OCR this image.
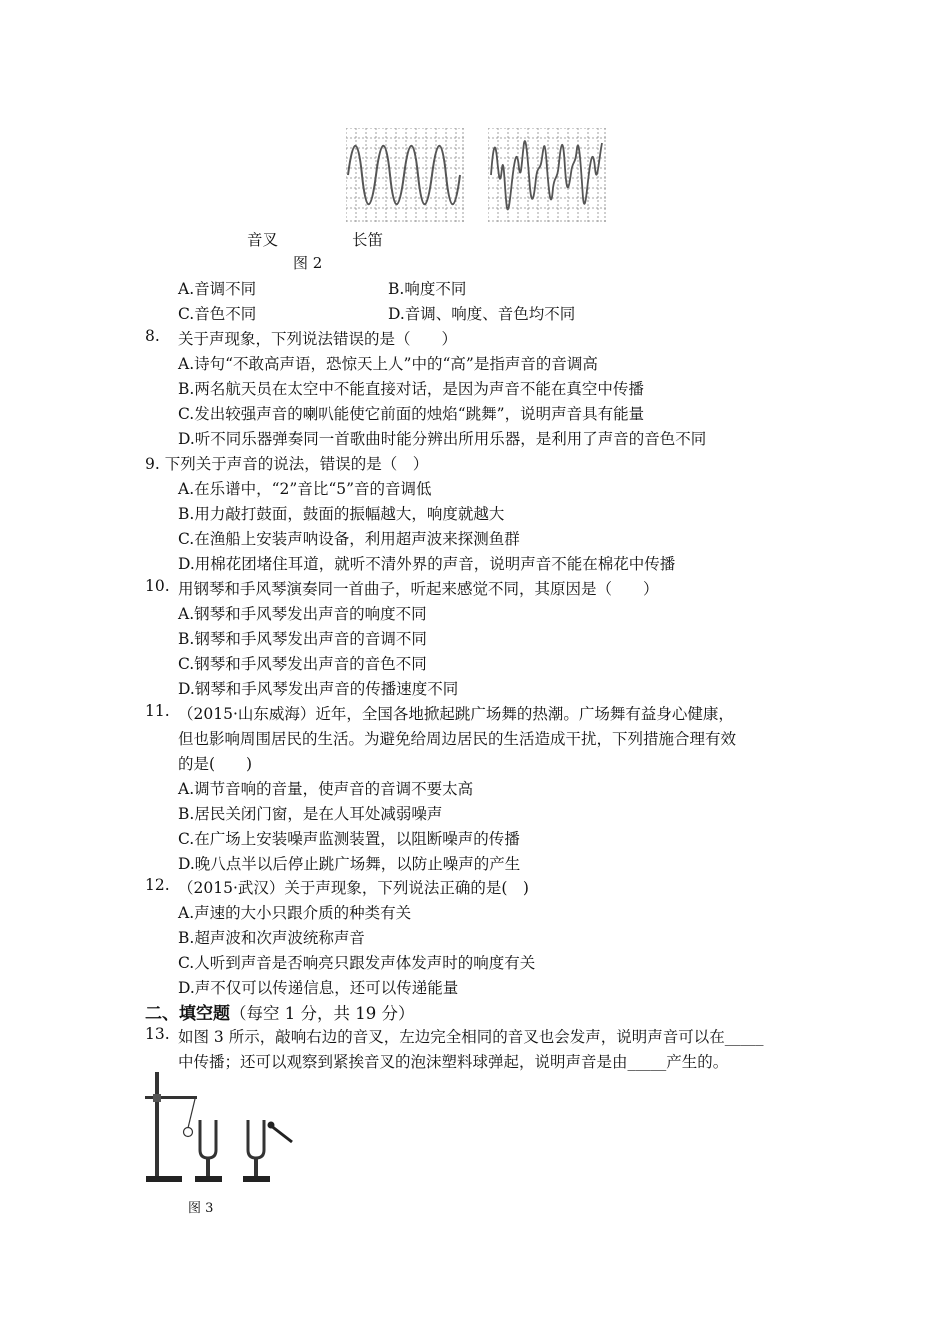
音叉	长笛
图 2
A.音调不同	B.响度不同
C.音色不同	D.音调、响度、音色均不同
8. 关于声现象，下列说法错误的是（　　）
A.诗句“不敢高声语，恐惊天上人”中的“高”是指声音的音调高
B.两名航天员在太空中不能直接对话，是因为声音不能在真空中传播
C.发出较强声音的喇叭能使它前面的烛焰“跳舞”，说明声音具有能量
D.听不同乐器弹奏同一首歌曲时能分辨出所用乐器，是利用了声音的音色不同
9. 下列关于声音的说法，错误的是（　）
A.在乐谱中，“2”音比“5”音的音调低
B.用力敲打鼓面，鼓面的振幅越大，响度就越大
C.在渔船上安装声呐设备，利用超声波来探测鱼群
D.用棉花团堵住耳道，就听不清外界的声音，说明声音不能在棉花中传播
10. 用钢琴和手风琴演奏同一首曲子，听起来感觉不同，其原因是（　　）
A.钢琴和手风琴发出声音的响度不同
B.钢琴和手风琴发出声音的音调不同
C.钢琴和手风琴发出声音的音色不同
D.钢琴和手风琴发出声音的传播速度不同
11. （2015·山东威海）近年，全国各地掀起跳广场舞的热潮。广场舞有益身心健康，
但也影响周围居民的生活。为避免给周边居民的生活造成干扰，下列措施合理有效
的是(　　)
A.调节音响的音量，使声音的音调不要太高
B.居民关闭门窗，是在人耳处减弱噪声
C.在广场上安装噪声监测装置，以阻断噪声的传播
D.晚八点半以后停止跳广场舞，以防止噪声的产生
12. （2015·武汉）关于声现象，下列说法正确的是(　)
A.声速的大小只跟介质的种类有关
B.超声波和次声波统称声音
C.人听到声音是否响亮只跟发声体发声时的响度有关
D.声不仅可以传递信息，还可以传递能量
二、填空题（每空 1 分，共 19 分）
13. 如图 3 所示，敲响右边的音叉，左边完全相同的音叉也会发声，说明声音可以在_____
中传播；还可以观察到紧挨音叉的泡沫塑料球弹起，说明声音是由_____产生的。
图 3
